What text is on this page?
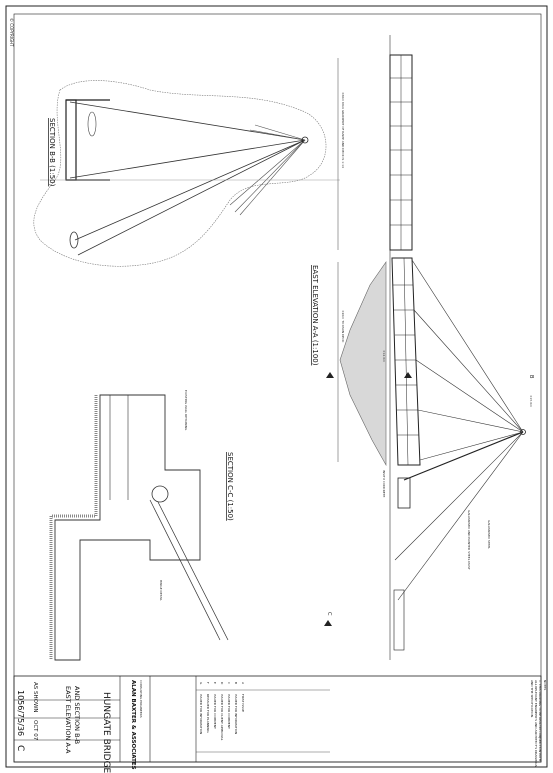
© COPYRIGHT
SECTION B-B (1:50)
B
±60m MAX GRADIENT OF RAMP AND DECK IS 1:14
±20m TO MAIN DECK
GALVANISED AND PAINTED STEEL MAST	GALVANISED STEEL
INSITU CONCRETE
±15.0m
±12.0m
EAST ELEVATION A-A (1:100)
EXISTING WALL RETAINING
HINGE DETAIL
C
SECTION C-C (1:50)
NOTES
1. THIS DRAWING TO BE READ IN CONJUNCTION WITH
ALL RELEVANT ENGINEER'S AND ARCHITECT'S DRAWINGS
AND THE SPECIFICATION.
G
ISSUED FOR INFORMATION
F
REISSUED FOR PLANNING
E
ISSUED FOR COMMENT
D
ISSUED FOR CLIENT APPROVAL
C
ISSUED FOR COMMENT
B
ISSUED FOR INFORMATION
A
FIRST ISSUE
ALAN BAXTER & ASSOCIATES CONSULTING ENGINEERS
HUNGATE BRIDGE
EAST ELEVATION A-A AND SECTION B-B
AS SHOWN
OCT 07
1056/75/36
C
